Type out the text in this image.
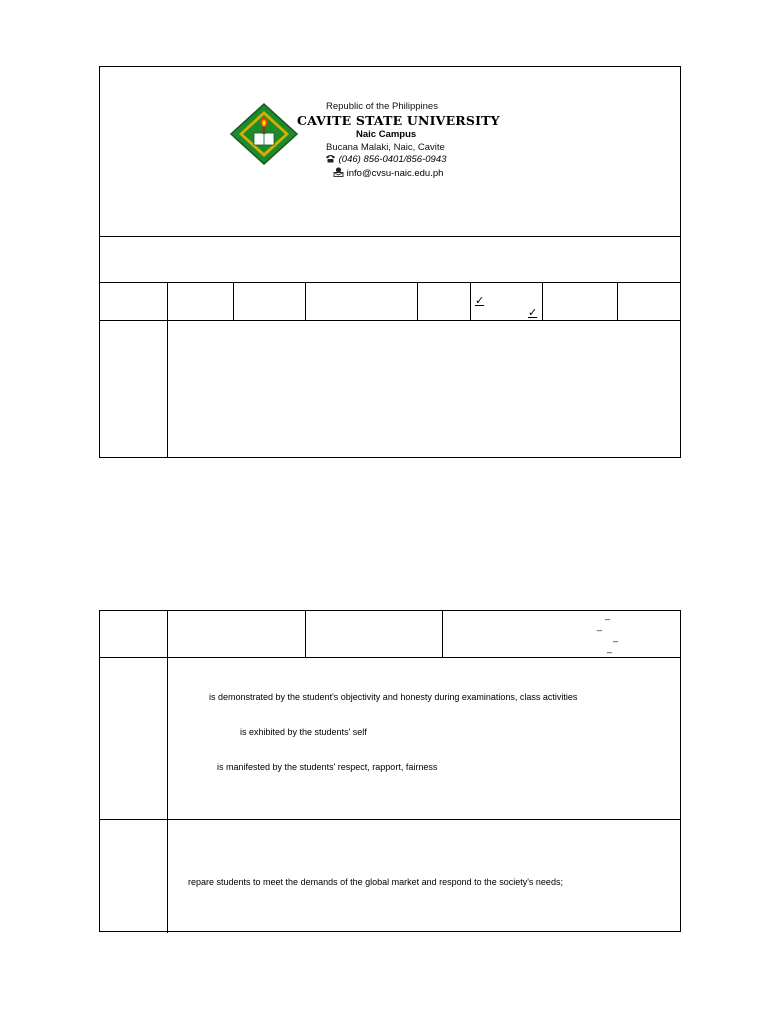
Republic of the Philippines
CAVITE STATE UNIVERSITY
Naic Campus
Bucana Malaki, Naic, Cavite
(046) 856-0401/856-0943
info@cvsu-naic.edu.ph
✓
✓
_
_
_
_
is demonstrated by the student's objectivity and honesty during examinations, class activities
is exhibited by the students' self
is manifested by the students' respect, rapport, fairness
repare students to meet the demands of the global market and respond to the society's needs;
